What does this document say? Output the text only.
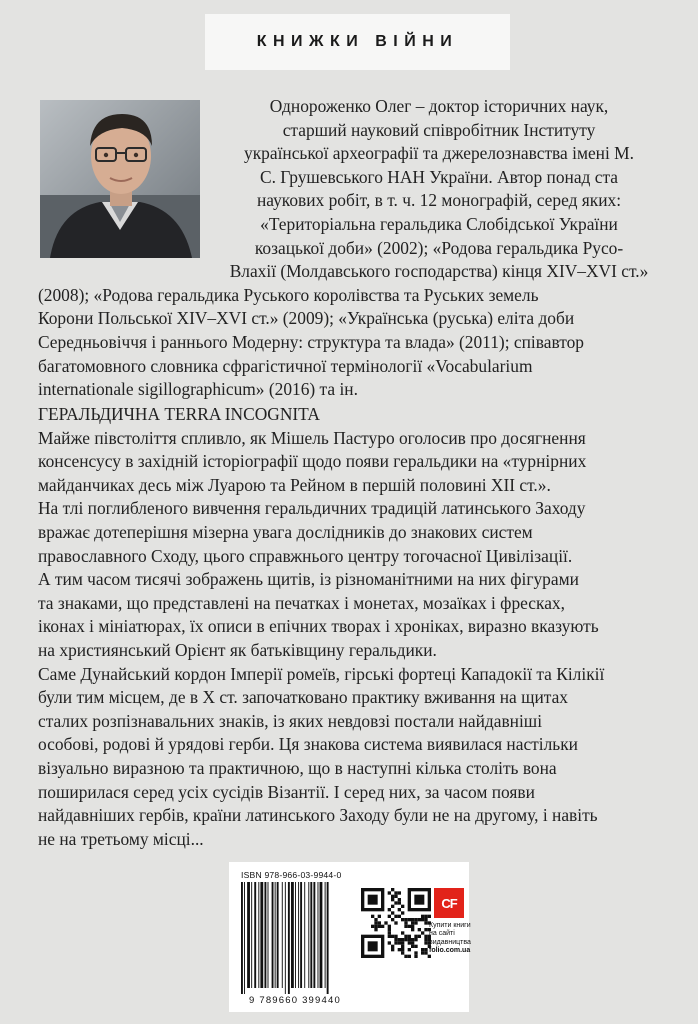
КНИЖКИ ВІЙНИ

Однороженко Олег – доктор історичних наук,
старший науковий співробітник Інституту
української археографії та джерелознавства імені М.
С. Грушевського НАН України. Автор понад ста
наукових робіт, в т. ч. 12 монографій, серед яких:
«Територіальна геральдика Слобідської України
козацької доби» (2002); «Родова геральдика Русо-
Влахії (Молдавського господарства) кінця XIV–XVI ст.»
(2008); «Родова геральдика Руського королівства та Руських земель
Корони Польської XIV–XVI ст.» (2009); «Українська (руська) еліта доби
Середньовіччя і раннього Модерну: структура та влада» (2011); співавтор
багатомовного словника сфрагістичної термінології «Vocabularium
internationale sigillographicum» (2016) та ін.

ГЕРАЛЬДИЧНА TERRA INCOGNITA

Майже півстоліття спливло, як Мішель Пастуро оголосив про досягнення
консенсусу в західній історіографії щодо появи геральдики на «турнірних
майданчиках десь між Луарою та Рейном в першій половині XII ст.».

На тлі поглибленого вивчення геральдичних традицій латинського Заходу
вражає дотеперішня мізерна увага дослідників до знакових систем
православного Сходу, цього справжнього центру тогочасної Цивілізації.

А тим часом тисячі зображень щитів, із різноманітними на них фігурами
та знаками, що представлені на печатках і монетах, мозаїках і фресках,
іконах і мініатюрах, їх описи в епічних творах і хроніках, виразно вказують
на християнський Орієнт як батьківщину геральдики.

Саме Дунайський кордон Імперії ромеїв, гірські фортеці Кападокії та Кілікії
були тим місцем, де в X ст. започатковано практику вживання на щитах
сталих розпізнавальних знаків, із яких невдовзі постали найдавніші
особові, родові й урядові герби. Ця знакова система виявилася настільки
візуально виразною та практичною, що в наступні кілька століть вона
поширилася серед усіх сусідів Візантії. І серед них, за часом появи
найдавніших гербів, країни латинського Заходу були не на другому, і навіть
не на третьому місці...

ISBN 978-966-03-9944-0
9 789660 399440
CF
Купити книги
на сайті
видавництва
folio.com.ua
